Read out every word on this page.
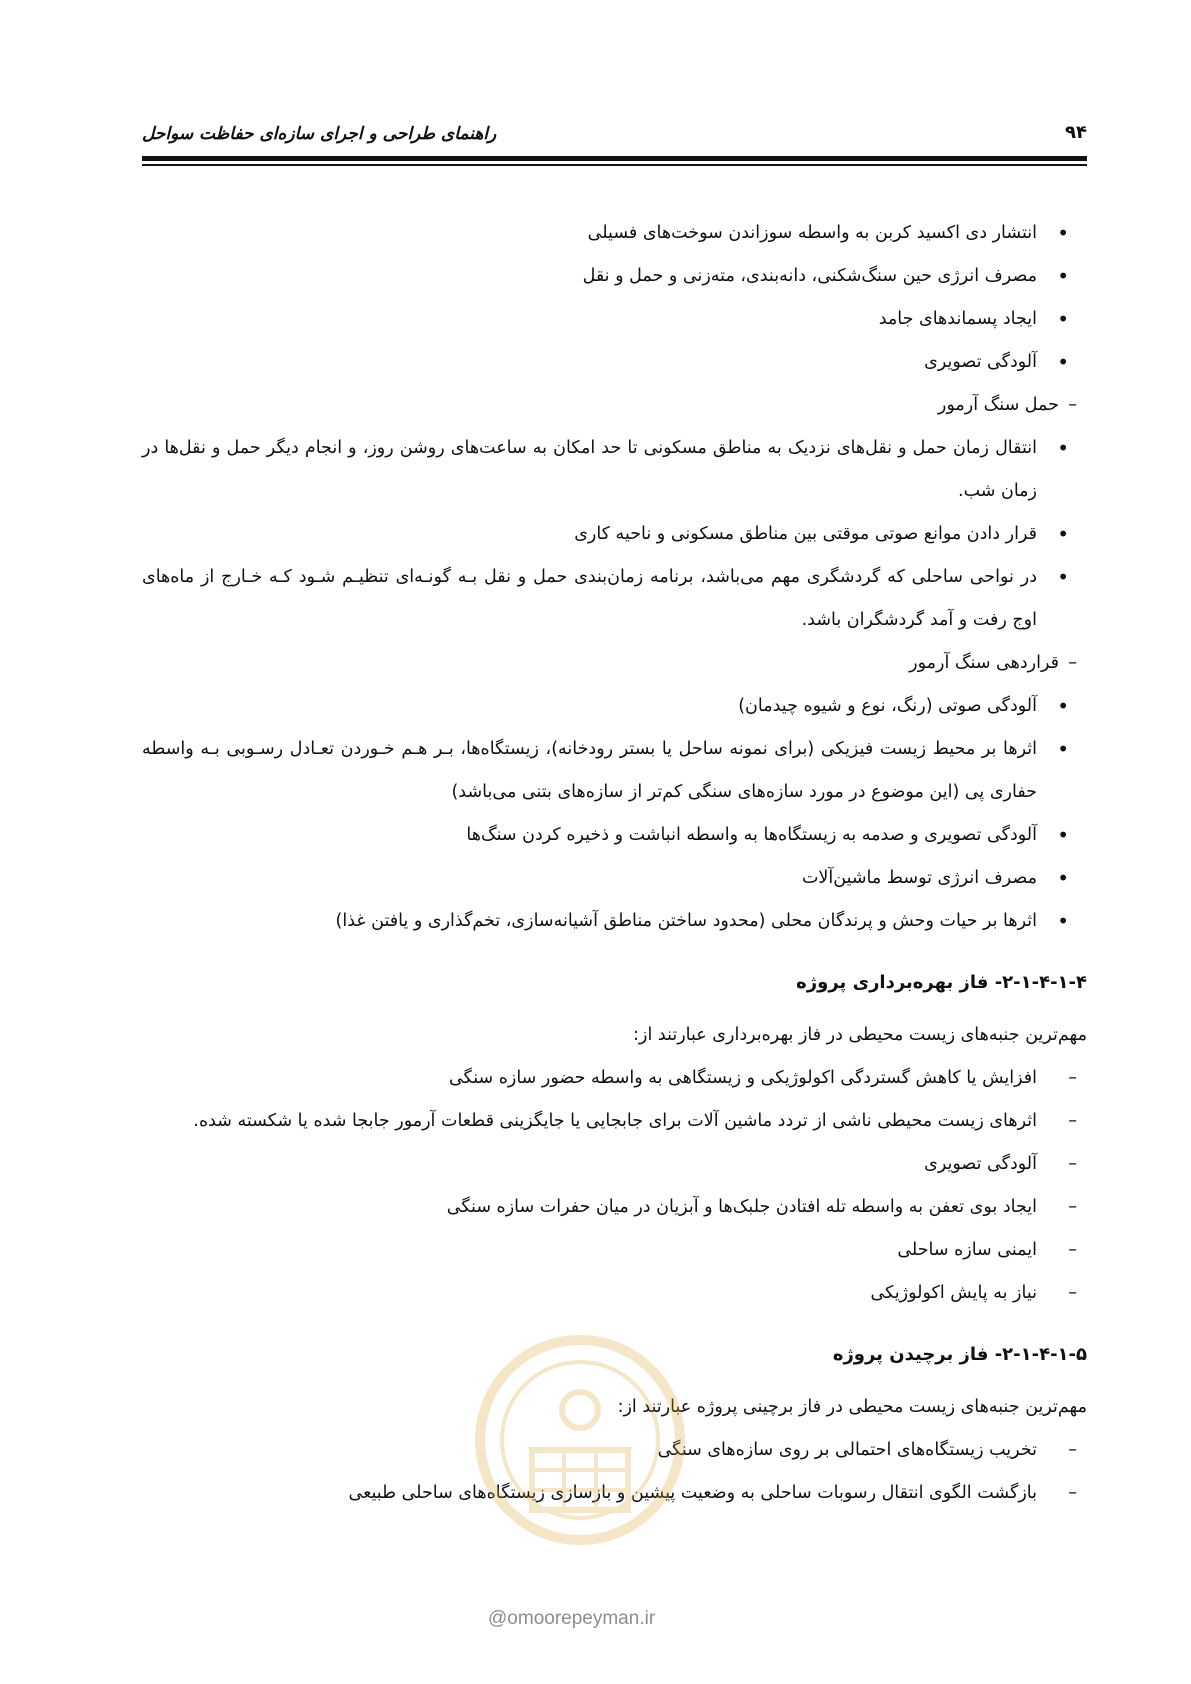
راهنمای طراحی و اجرای سازه‌ای حفاظت سواحل	۹۴
• انتشار دی اکسید کربن به واسطه سوزاندن سوخت‌های فسیلی
• مصرف انرژی حین سنگ‌شکنی، دانه‌بندی، مته‌زنی و حمل و نقل
• ایجاد پسماندهای جامد
• آلودگی تصویری
– حمل سنگ آرمور
• انتقال زمان حمل و نقل‌های نزدیک به مناطق مسکونی تا حد امکان به ساعت‌های روشن روز، و انجام دیگر حمل و نقل‌ها در زمان شب.
• قرار دادن موانع صوتی موقتی بین مناطق مسکونی و ناحیه کاری
• در نواحی ساحلی که گردشگری مهم می‌باشد، برنامه زمان‌بندی حمل و نقل بـه گونـه‌ای تنظیـم شـود کـه خـارج از ماه‌های اوج رفت و آمد گردشگران باشد.
– قراردهی سنگ آرمور
• آلودگی صوتی (رنگ، نوع و شیوه چیدمان)
• اثرها بر محیط زیست فیزیکی (برای نمونه ساحل یا بستر رودخانه)، زیستگاه‌ها، بـر هـم خـوردن تعـادل رسـوبی بـه واسطه حفاری پی (این موضوع در مورد سازه‌های سنگی کم‌تر از سازه‌های بتنی می‌باشد)
• آلودگی تصویری و صدمه به زیستگاه‌ها به واسطه انباشت و ذخیره کردن سنگ‌ها
• مصرف انرژی توسط ماشین‌آلات
• اثرها بر حیات وحش و پرندگان محلی (محدود ساختن مناطق آشیانه‌سازی، تخم‌گذاری و یافتن غذا)
۲-۱-۴-۱-۴- فاز بهره‌برداری پروژه
مهم‌ترین جنبه‌های زیست محیطی در فاز بهره‌برداری عبارتند از:
– افزایش یا کاهش گستردگی اکولوژیکی و زیستگاهی به واسطه حضور سازه سنگی
– اثرهای زیست محیطی ناشی از تردد ماشین آلات برای جابجایی یا جایگزینی قطعات آرمور جابجا شده یا شکسته شده.
– آلودگی تصویری
– ایجاد بوی تعفن به واسطه تله افتادن جلبک‌ها و آبزیان در میان حفرات سازه سنگی
– ایمنی سازه ساحلی
– نیاز به پایش اکولوژیکی
۲-۱-۴-۱-۵- فاز برچیدن پروژه
مهم‌ترین جنبه‌های زیست محیطی در فاز برچینی پروژه عبارتند از:
– تخریب زیستگاه‌های احتمالی بر روی سازه‌های سنگی
– بازگشت الگوی انتقال رسوبات ساحلی به وضعیت پیشین و بازسازی زیستگاه‌های ساحلی طبیعی
@omoorepeyman.ir
